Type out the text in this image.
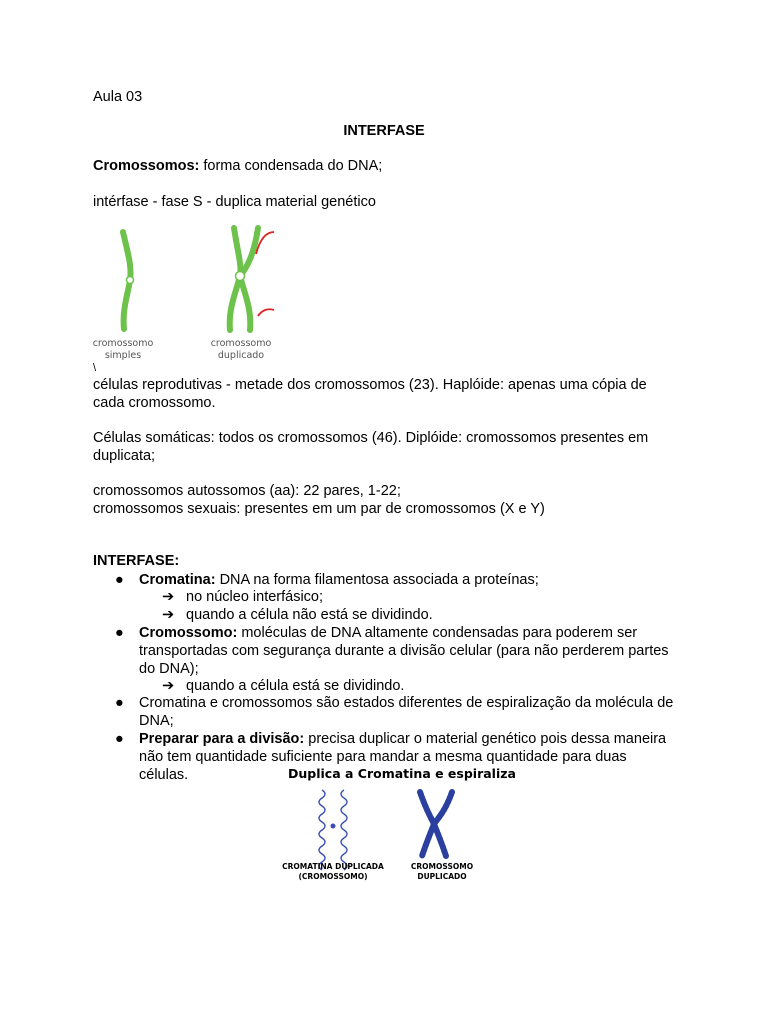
Aula 03
INTERFASE
Cromossomos: forma condensada do DNA;
intérfase - fase S - duplica material genético
cromossomo
simples
cromossomo
duplicado
\
células reprodutivas - metade dos cromossomos (23). Haplóide: apenas uma cópia de cada cromossomo.
Células somáticas: todos os cromossomos (46). Diplóide: cromossomos presentes em duplicata;
cromossomos autossomos (aa): 22 pares, 1-22;
cromossomos sexuais: presentes em um par de cromossomos (X e Y)
INTERFASE:
● Cromatina: DNA na forma filamentosa associada a proteínas;
➔ no núcleo interfásico;
➔ quando a célula não está se dividindo.
● Cromossomo: moléculas de DNA altamente condensadas para poderem ser transportadas com segurança durante a divisão celular (para não perderem partes do DNA);
➔ quando a célula está se dividindo.
● Cromatina e cromossomos são estados diferentes de espiralização da molécula de DNA;
● Preparar para a divisão: precisa duplicar o material genético pois dessa maneira não tem quantidade suficiente para mandar a mesma quantidade para duas células.	Duplica a Cromatina e espiraliza
CROMATINA DUPLICADA
(CROMOSSOMO)
CROMOSSOMO
DUPLICADO
